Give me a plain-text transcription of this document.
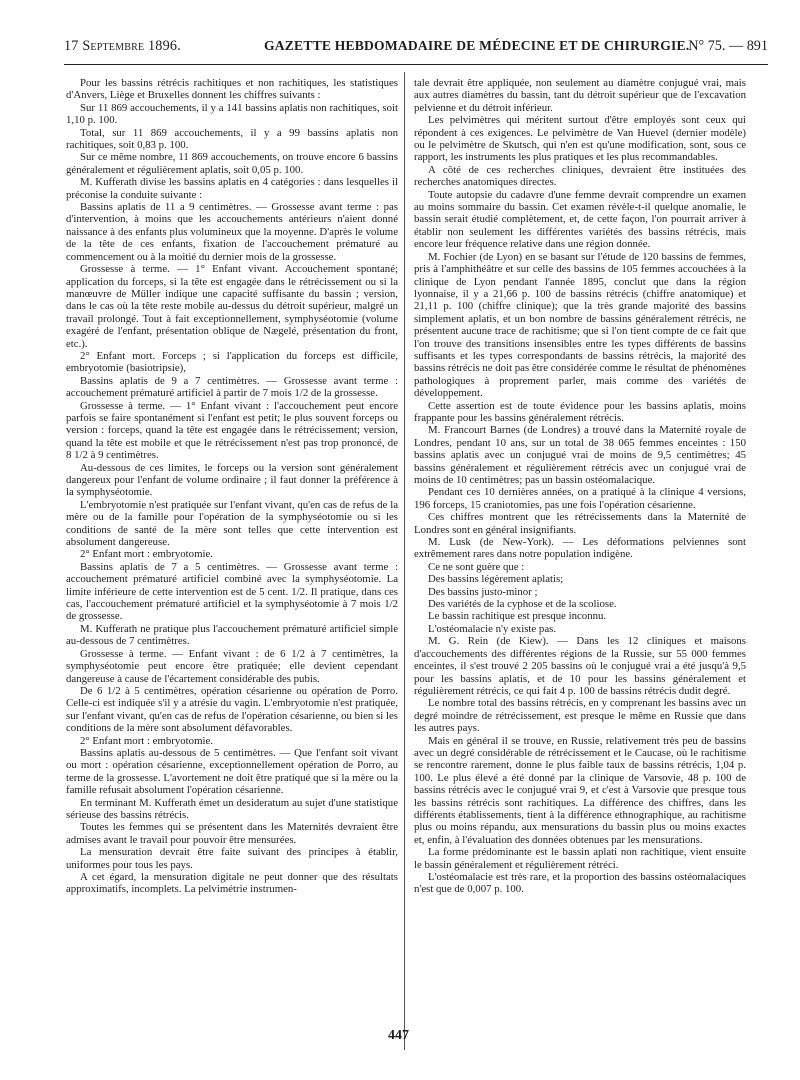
17 Septembre 1896.	GAZETTE HEBDOMADAIRE DE MÉDECINE ET DE CHIRURGIE.
N° 75. — 891

Pour les bassins rétrécis rachitiques et non rachitiques, les statistiques d'Anvers, Liège et Bruxelles donnent les chiffres suivants :

Sur 11 869 accouchements, il y a 141 bassins aplatis non rachitiques, soit 1,10 p. 100.

Total, sur 11 869 accouchements, il y a 99 bassins aplatis non rachitiques, soit 0,83 p. 100.

Sur ce même nombre, 11 869 accouchements, on trouve encore 6 bassins généralement et régulièrement aplatis, soit 0,05 p. 100.

M. Kufferath divise les bassins aplatis en 4 catégories : dans lesquelles il préconise la conduite suivante :

Bassins aplatis de 11 a 9 centimètres. — Grossesse avant terme : pas d'intervention, à moins que les accouchements antérieurs n'aient donné naissance à des enfants plus volumineux que la moyenne. D'après le volume de la tête de ces enfants, fixation de l'accouchement prématuré au commencement ou à la moitié du dernier mois de la grossesse.

Grossesse à terme. — 1° Enfant vivant. Accouchement spontané; application du forceps, si la tête est engagée dans le rétrécissement ou si la manœuvre de Müller indique une capacité suffisante du bassin ; version, dans le cas où la tête reste mobile au-dessus du détroit supérieur, malgré un travail prolongé. Tout à fait exceptionnellement, symphyséotomie (volume exagéré de l'enfant, présentation oblique de Nægelé, présentation du front, etc.).

2° Enfant mort. Forceps ; si l'application du forceps est difficile, embryotomie (basiotripsie),

Bassins aplatis de 9 a 7 centimètres. — Grossesse avant terme : accouchement prématuré artificiel à partir de 7 mois 1/2 de la grossesse.

Grossesse à terme. — 1° Enfant vivant : l'accouchement peut encore parfois se faire spontanément si l'enfant est petit; le plus souvent forceps ou version : forceps, quand la tête est engagée dans le rétrécissement; version, quand la tête est mobile et que le rétrécissement n'est pas trop prononcé, de 8 1/2 à 9 centimètres.

Au-dessous de ces limites, le forceps ou la version sont généralement dangereux pour l'enfant de volume ordinaire ; il faut donner la préférence à la symphyséotomie.

L'embryotomie n'est pratiquée sur l'enfant vivant, qu'en cas de refus de la mère ou de la famille pour l'opération de la symphyséotomie ou si les conditions de santé de la mère sont telles que cette intervention est absolument dangereuse.

2° Enfant mort : embryotomie.

Bassins aplatis de 7 a 5 centimètres. — Grossesse avant terme : accouchement prématuré artificiel combiné avec la symphyséotomie. La limite inférieure de cette intervention est de 5 cent. 1/2. Il pratique, dans ces cas, l'accouchement prématuré artificiel et la symphyséotomie à 7 mois 1/2 de grossesse.

M. Kufferath ne pratique plus l'accouchement prématuré artificiel simple au-dessous de 7 centimètres.

Grossesse à terme. — Enfant vivant : de 6 1/2 à 7 centimètres, la symphyséotomie peut encore être pratiquée; elle devient cependant dangereuse à cause de l'écartement considérable des pubis.

De 6 1/2 à 5 centimètres, opération césarienne ou opération de Porro. Celle-ci est indiquée s'il y a atrésie du vagin. L'embryotomie n'est pratiquée, sur l'enfant vivant, qu'en cas de refus de l'opération césarienne, ou bien si les conditions de la mère sont absolument défavorables.

2° Enfant mort : embryotomie.

Bassins aplatis au-dessous de 5 centimètres. — Que l'enfant soit vivant ou mort : opération césarienne, exceptionnellement opération de Porro, au terme de la grossesse. L'avortement ne doit être pratiqué que si la mère ou la famille refusait absolument l'opération césarienne.

En terminant M. Kufferath émet un desideratum au sujet d'une statistique sérieuse des bassins rétrécis.

Toutes les femmes qui se présentent dans les Maternités devraient être admises avant le travail pour pouvoir être mensurées.

La mensuration devrait être faite suivant des principes à établir, uniformes pour tous les pays.

A cet égard, la mensuration digitale ne peut donner que des résultats approximatifs, incomplets. La pelvimétrie instrumen-

tale devrait être appliquée, non seulement au diamètre conjugué vrai, mais aux autres diamètres du bassin, tant du détroit supérieur que de l'excavation pelvienne et du détroit inférieur.

Les pelvimètres qui méritent surtout d'être employés sont ceux qui répondent à ces exigences. Le pelvimètre de Van Huevel (dernier modèle) ou le pelvimètre de Skutsch, qui n'en est qu'une modification, sont, sous ce rapport, les instruments les plus pratiques et les plus recommandables.

A côté de ces recherches cliniques, devraient être instituées des recherches anatomiques directes.

Toute autopsie du cadavre d'une femme devrait comprendre un examen au moins sommaire du bassin. Cet examen révèle-t-il quelque anomalie, le bassin serait étudié complètement, et, de cette façon, l'on pourrait arriver à établir non seulement les différentes variétés des bassins rétrécis, mais encore leur fréquence relative dans une région donnée.

M. Fochier (de Lyon) en se basant sur l'étude de 120 bassins de femmes, pris à l'amphithéâtre et sur celle des bassins de 105 femmes accouchées à la clinique de Lyon pendant l'année 1895, conclut que dans la région lyonnaise, il y a 21,66 p. 100 de bassins rétrécis (chiffre anatomique) et 21,11 p. 100 (chiffre clinique); que la très grande majorité des bassins simplement aplatis, et un bon nombre de bassins généralement rétrécis, ne présentent aucune trace de rachitisme; que si l'on tient compte de ce fait que l'on trouve des transitions insensibles entre les types différents de bassins suffisants et les types correspondants de bassins rétrécis, la majorité des bassins rétrécis ne doit pas être considérée comme le résultat de phénomènes pathologiques à proprement parler, mais comme des variétés de développement.

Cette assertion est de toute évidence pour les bassins aplatis, moins frappante pour les bassins généralement rétrécis.

M. Francourt Barnes (de Londres) a trouvé dans la Maternité royale de Londres, pendant 10 ans, sur un total de 38 065 femmes enceintes : 150 bassins aplatis avec un conjugué vrai de moins de 9,5 centimètres; 45 bassins généralement et régulièrement rétrécis avec un conjugué vrai de moins de 10 centimètres; pas un bassin ostéomalacique.

Pendant ces 10 dernières années, on a pratiqué à la clinique 4 versions, 196 forceps, 15 craniotomies, pas une fois l'opération césarienne.

Ces chiffres montrent que les rétrécissements dans la Maternité de Londres sont en général insignifiants.

M. Lusk (de New-York). — Les déformations pelviennes sont extrêmement rares dans notre population indigène.

Ce ne sont guère que :

Des bassins légèrement aplatis;

Des bassins justo-minor ;

Des variétés de la cyphose et de la scoliose.

Le bassin rachitique est presque inconnu.

L'ostéomalacie n'y existe pas.

M. G. Rein (de Kiew). — Dans les 12 cliniques et maisons d'accouchements des différentes régions de la Russie, sur 55 000 femmes enceintes, il s'est trouvé 2 205 bassins où le conjugué vrai a été jusqu'à 9,5 pour les bassins aplatis, et de 10 pour les bassins généralement et régulièrement rétrécis, ce qui fait 4 p. 100 de bassins rétrécis dudit degré.

Le nombre total des bassins rétrécis, en y comprenant les bassins avec un degré moindre de rétrécissement, est presque le même en Russie que dans les autres pays.

Mais en général il se trouve, en Russie, relativement très peu de bassins avec un degré considérable de rétrécissement et le Caucase, où le rachitisme se rencontre rarement, donne le plus faible taux de bassins rétrécis, 1,04 p. 100. Le plus élevé a été donné par la clinique de Varsovie, 48 p. 100 de bassins rétrécis avec le conjugué vrai 9, et c'est à Varsovie que presque tous les bassins rétrécis sont rachitiques. La différence des chiffres, dans les différents établissements, tient à la différence ethnographique, au rachitisme plus ou moins répandu, aux mensurations du bassin plus ou moins exactes et, enfin, à l'évaluation des données obtenues par les mensurations.

La forme prédominante est le bassin aplati non rachitique, vient ensuite le bassin généralement et régulièrement rétréci.

L'ostéomalacie est très rare, et la proportion des bassins ostéomalaciques n'est que de 0,007 p. 100.

447
